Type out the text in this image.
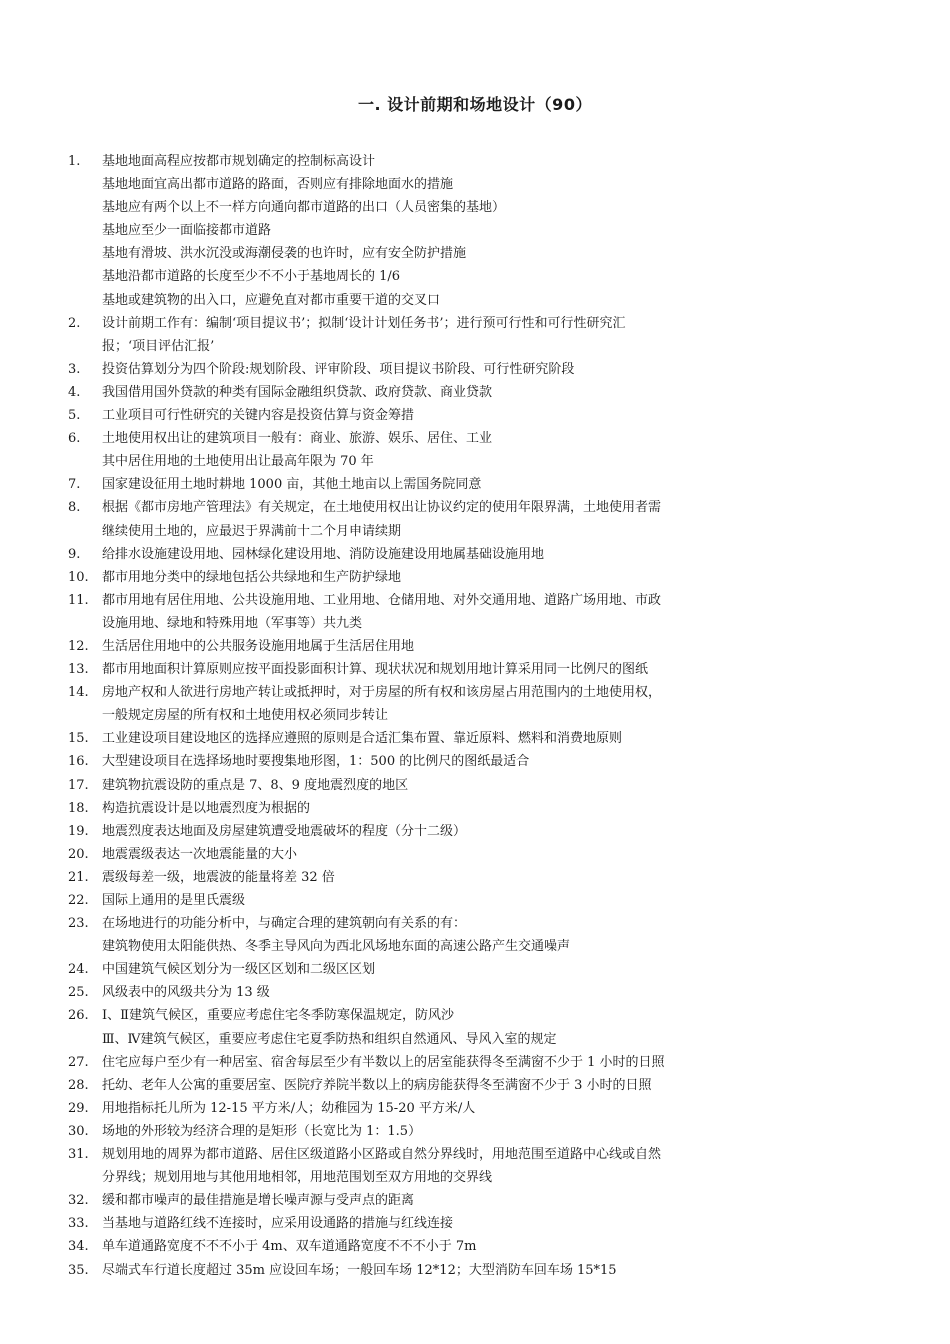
一. 设计前期和场地设计（90）
1.	基地地面高程应按都市规划确定的控制标高设计
基地地面宜高出都市道路的路面，否则应有排除地面水的措施
基地应有两个以上不一样方向通向都市道路的出口（人员密集的基地）
基地应至少一面临接都市道路
基地有滑坡、洪水沉没或海潮侵袭的也许时，应有安全防护措施
基地沿都市道路的长度至少不不小于基地周长的 1/6
基地或建筑物的出入口，应避免直对都市重要干道的交叉口
2.	设计前期工作有：编制‘项目提议书’；拟制‘设计计划任务书’；进行预可行性和可行性研究汇
报；‘项目评估汇报’
3.	投资估算划分为四个阶段:规划阶段、评审阶段、项目提议书阶段、可行性研究阶段
4.	我国借用国外贷款的种类有国际金融组织贷款、政府贷款、商业贷款
5.	工业项目可行性研究的关键内容是投资估算与资金筹措
6.	土地使用权出让的建筑项目一般有：商业、旅游、娱乐、居住、工业
其中居住用地的土地使用出让最高年限为 70 年
7.	国家建设征用土地时耕地 1000 亩，其他土地亩以上需国务院同意
8.	根据《都市房地产管理法》有关规定，在土地使用权出让协议约定的使用年限界满，土地使用者需
继续使用土地的，应最迟于界满前十二个月申请续期
9.	给排水设施建设用地、园林绿化建设用地、消防设施建设用地属基础设施用地
10.	都市用地分类中的绿地包括公共绿地和生产防护绿地
11.	都市用地有居住用地、公共设施用地、工业用地、仓储用地、对外交通用地、道路广场用地、市政
设施用地、绿地和特殊用地（军事等）共九类
12.	生活居住用地中的公共服务设施用地属于生活居住用地
13.	都市用地面积计算原则应按平面投影面积计算、现状状况和规划用地计算采用同一比例尺的图纸
14.	房地产权和人欲进行房地产转让或抵押时，对于房屋的所有权和该房屋占用范围内的土地使用权，
一般规定房屋的所有权和土地使用权必须同步转让
15.	工业建设项目建设地区的选择应遵照的原则是合适汇集布置、靠近原料、燃料和消费地原则
16.	大型建设项目在选择场地时要搜集地形图，1：500 的比例尺的图纸最适合
17.	建筑物抗震设防的重点是 7、8、9 度地震烈度的地区
18.	构造抗震设计是以地震烈度为根据的
19.	地震烈度表达地面及房屋建筑遭受地震破坏的程度（分十二级）
20.	地震震级表达一次地震能量的大小
21.	震级每差一级，地震波的能量将差 32 倍
22.	国际上通用的是里氏震级
23.	在场地进行的功能分析中，与确定合理的建筑朝向有关系的有：
建筑物使用太阳能供热、冬季主导风向为西北风场地东面的高速公路产生交通噪声
24.	中国建筑气候区划分为一级区区划和二级区区划
25.	风级表中的风级共分为 13 级
26.	Ⅰ、Ⅱ建筑气候区，重要应考虑住宅冬季防寒保温规定，防风沙
Ⅲ、Ⅳ建筑气候区，重要应考虑住宅夏季防热和组织自然通风、导风入室的规定
27.	住宅应每户至少有一种居室、宿舍每层至少有半数以上的居室能获得冬至满窗不少于 1 小时的日照
28.	托幼、老年人公寓的重要居室、医院疗养院半数以上的病房能获得冬至满窗不少于 3 小时的日照
29.	用地指标托儿所为 12-15 平方米/人；幼稚园为 15-20 平方米/人
30.	场地的外形较为经济合理的是矩形（长宽比为 1：1.5）
31.	规划用地的周界为都市道路、居住区级道路小区路或自然分界线时，用地范围至道路中心线或自然
分界线；规划用地与其他用地相邻，用地范围划至双方用地的交界线
32.	缓和都市噪声的最佳措施是增长噪声源与受声点的距离
33.	当基地与道路红线不连接时，应采用设通路的措施与红线连接
34.	单车道通路宽度不不不小于 4m、双车道通路宽度不不不小于 7m
35.	尽端式车行道长度超过 35m 应设回车场；一般回车场 12*12；大型消防车回车场 15*15
